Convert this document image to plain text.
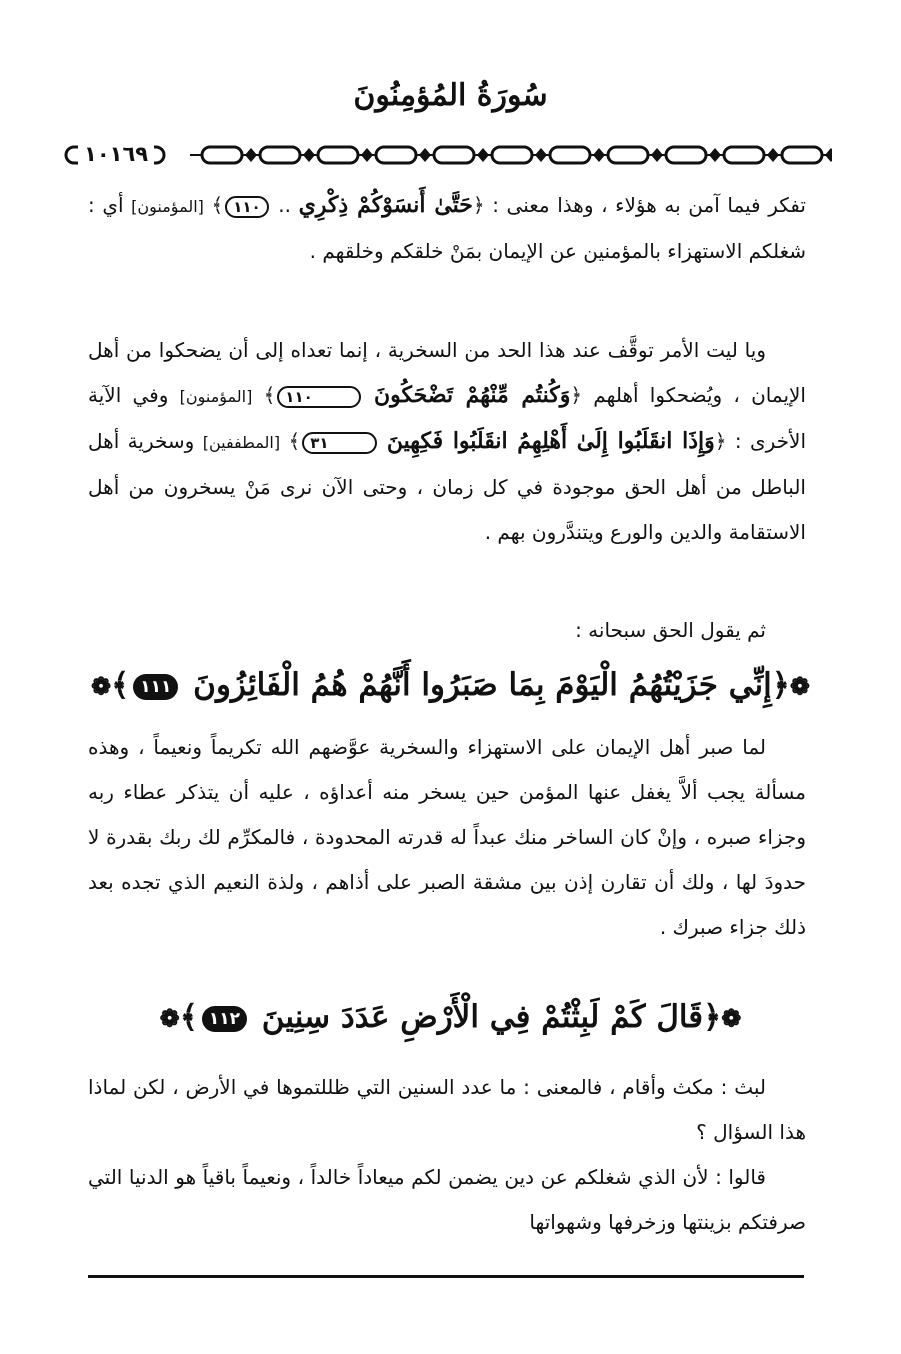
سُورَةُ المُؤمِنُونَ
١٠١٦٩

تفكر فيما آمن به هؤلاء ، وهذا معنى : ﴿حَتَّىٰ أَنسَوْكُمْ ذِكْرِي .. ١١٠﴾ [المؤمنون] أي : شغلكم الاستهزاء بالمؤمنين عن الإيمان بمَنْ خلقكم وخلقهم .

ويا ليت الأمر توقَّف عند هذا الحد من السخرية ، إنما تعداه إلى أن يضحكوا من أهل الإيمان ، ويُضحكوا أهلهم ﴿وَكُنتُم مِّنْهُمْ تَضْحَكُونَ ١١٠﴾ [المؤمنون] وفي الآية الأخرى : ﴿وَإِذَا انقَلَبُوا إِلَىٰ أَهْلِهِمُ انقَلَبُوا فَكِهِينَ ٣١﴾ [المطففين] وسخرية أهل الباطل من أهل الحق موجودة في كل زمان ، وحتى الآن نرى مَنْ يسخرون من أهل الاستقامة والدين والورع ويتندَّرون بهم .

ثم يقول الحق سبحانه :

❁﴿إِنِّي جَزَيْتُهُمُ الْيَوْمَ بِمَا صَبَرُوا أَنَّهُمْ هُمُ الْفَائِزُونَ ١١١﴾❁

لما صبر أهل الإيمان على الاستهزاء والسخرية عوَّضهم الله تكريماً ونعيماً ، وهذه مسألة يجب ألاَّ يغفل عنها المؤمن حين يسخر منه أعداؤه ، عليه أن يتذكر عطاء ربه وجزاء صبره ، وإنْ كان الساخر منك عبداً له قدرته المحدودة ، فالمكرِّم لك ربك بقدرة لا حدودَ لها ، ولك أن تقارن إذن بين مشقة الصبر على أذاهم ، ولذة النعيم الذي تجده بعد ذلك جزاء صبرك .

❁﴿قَالَ كَمْ لَبِثْتُمْ فِي الْأَرْضِ عَدَدَ سِنِينَ ١١٢﴾❁

لبث : مكث وأقام ، فالمعنى : ما عدد السنين التي ظللتموها في الأرض ، لكن لماذا هذا السؤال ؟

قالوا : لأن الذي شغلكم عن دين يضمن لكم ميعاداً خالداً ، ونعيماً باقياً هو الدنيا التي صرفتكم بزينتها وزخرفها وشهواتها
